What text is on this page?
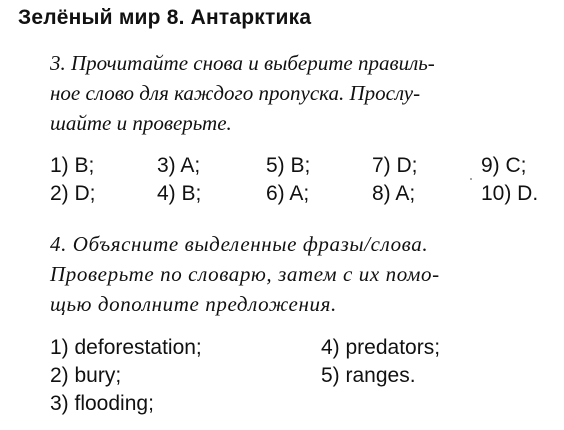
Зелёный мир 8. Антарктика
3. Прочитайте снова и выберите правиль-
ное слово для каждого пропуска. Прослу-
шайте и проверьте.
1) B;
2) D;
3) A;
4) B;
5) B;
6) A;
7) D;
8) A;
9) C;
10) D.
4. Объясните выделенные фразы/слова.
Проверьте по словарю, затем с их помо-
щью дополните предложения.
1) deforestation;
2) bury;
3) flooding;
4) predators;
5) ranges.
